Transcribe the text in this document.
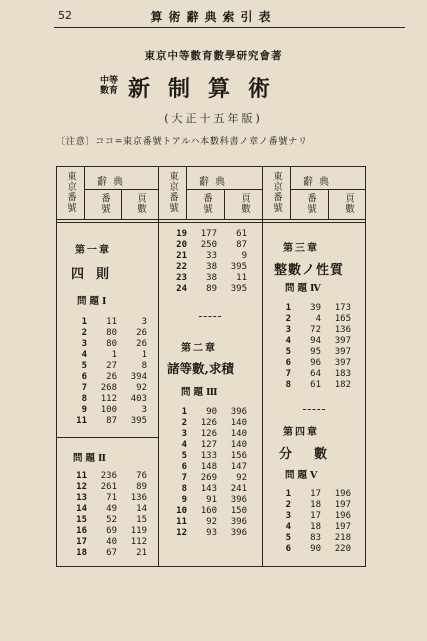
52	算術辭典索引表
東京中等數育數學研究會著
中等數育 新制算術
(大正十五年版)
〔注意〕ココ=東京番號トアルハ本數科書ノ章ノ番號ナリ
東京番號 辭典
番號	頁數 東京番號 辭典
番號	頁數 東京番號 辭典
番號	頁數
第一章
四則
問題Ⅰ
1	11	3
2	80	26
3	80	26
4	1	1
5	27	8
6	26	394
7	268	92
8	112	403
9	100	3
11	87	395
問題Ⅱ
11	236	76
12	261	89
13	71	136
14	49	14
15	52	15
16	69	119
17	40	112
18	67	21
19	177	61
20	250	87
21	33	9
22	38	395
23	38	11
24	89	395
第二章
諸等數,求積
問題Ⅲ
1	90	396
2	126	140
3	126	140
4	127	140
5	133	156
6	148	147
7	269	92
8	143	241
9	91	396
10	160	150
11	92	396
12	93	396
第三章
整數ノ性質
問題Ⅳ
1	39	173
2	4	165
3	72	136
4	94	397
5	95	397
6	96	397
7	64	183
8	61	182
第四章
分數
問題Ⅴ
1	17	196
2	18	197
3	17	196
4	18	197
5	83	218
6	90	220
